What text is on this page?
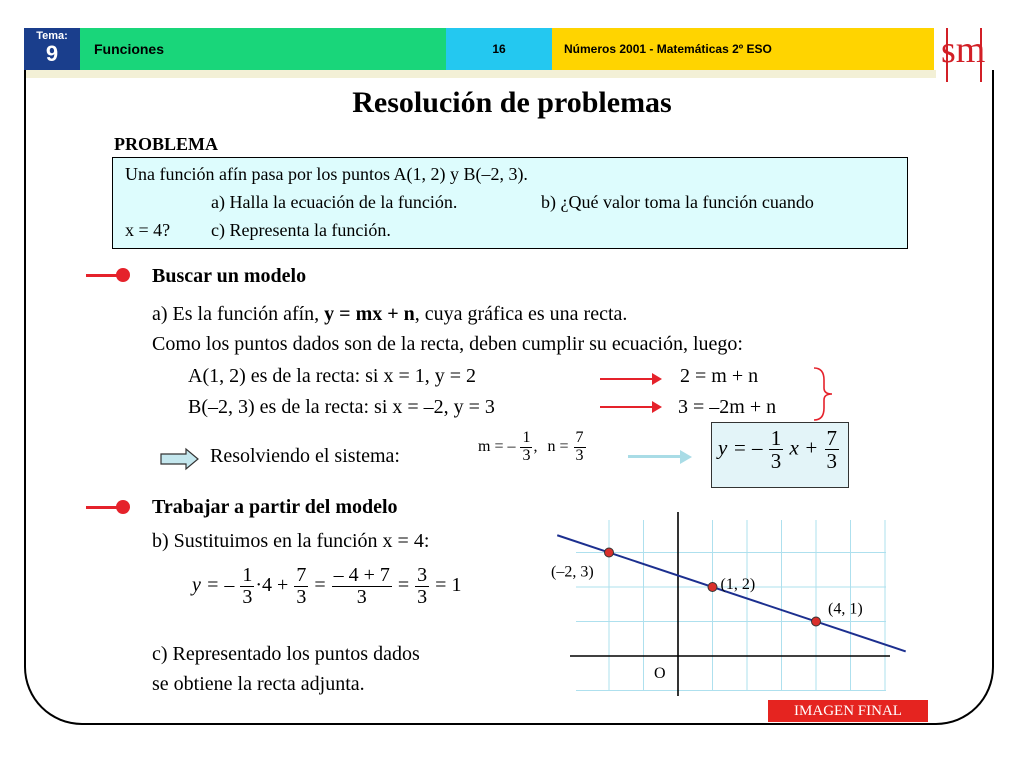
Tema:
9	Funciones	16	Números 2001 - Matemáticas 2º ESO	sm
Resolución de problemas
PROBLEMA
Una función afín pasa por los puntos A(1, 2) y B(–2, 3).
a) Halla la ecuación de la función.	b) ¿Qué valor toma la función cuando
x = 4? c) Representa la función.
Buscar un modelo
a) Es la función afín, y = mx + n, cuya gráfica es una recta.
Como los puntos dados son de la recta, deben cumplir su ecuación, luego:
A(1, 2) es de la recta: si x = 1, y = 2	2 = m + n
B(–2, 3) es de la recta: si x = –2, y = 3	3 = –2m + n
Resolviendo el sistema:	m = – $\frac{1}{3}$ , $n = \frac{7}{3}$	y = – $\frac{1}{3}$ $x + \frac{7}{3}$
Trabajar a partir del modelo
b) Sustituimos en la función x = 4:
y = – $\frac{1}{3} \cdot 4 + \frac{7}{3} = \frac{- 4 + 7}{3} = \frac{3}{3} = 1$
c) Representado los puntos dados
se obtiene la recta adjunta.
(–2, 3)
(1, 2)
(4, 1)
O
IMAGEN FINAL
